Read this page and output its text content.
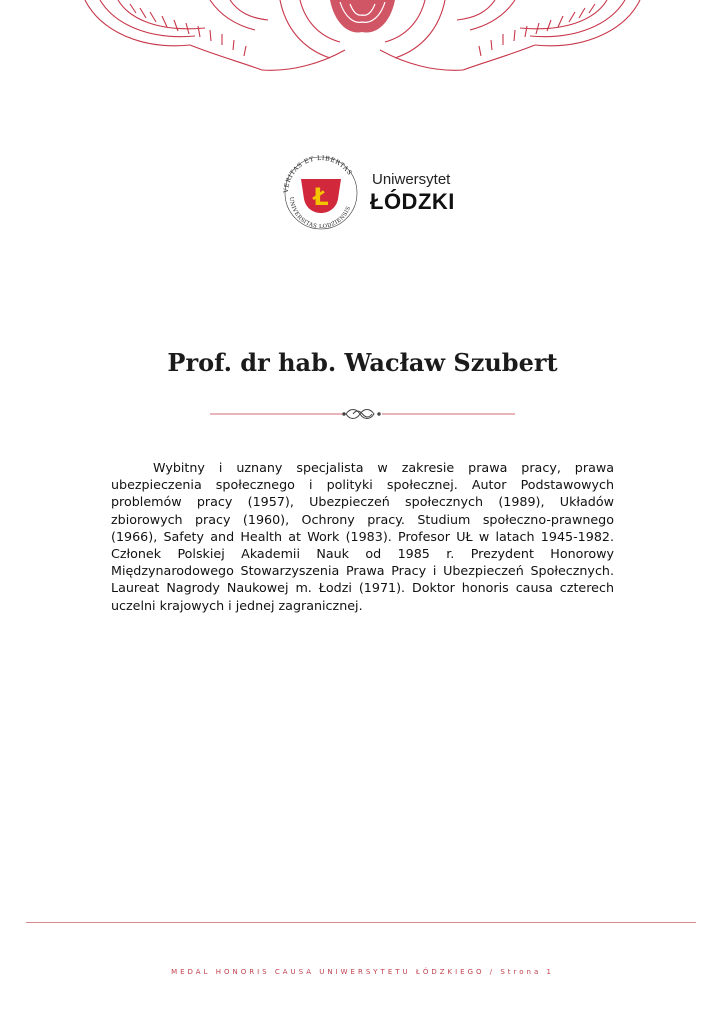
VERITAS ET LIBERTAS
UNIVERSITAS LODZIENSIS
Ł
Uniwersytet
ŁÓDZKI
Prof. dr hab. Wacław Szubert

Wybitny i uznany specjalista w zakresie prawa pracy, prawa ubezpieczenia społecznego i polityki społecznej. Autor Podstawowych problemów pracy (1957), Ubezpieczeń społecznych (1989), Układów zbiorowych pracy (1960), Ochrony pracy. Studium społeczno-prawnego (1966), Safety and Health at Work (1983). Profesor UŁ w latach 1945-1982. Członek Polskiej Akademii Nauk od 1985 r. Prezydent Honorowy Międzynarodowego Stowarzyszenia Prawa Pracy i Ubezpieczeń Społecznych. Laureat Nagrody Naukowej m. Łodzi (1971). Doktor honoris causa czterech uczelni krajowych i jednej zagranicznej.

MEDAL HONORIS CAUSA UNIWERSYTETU ŁÓDZKIEGO / Strona 1
